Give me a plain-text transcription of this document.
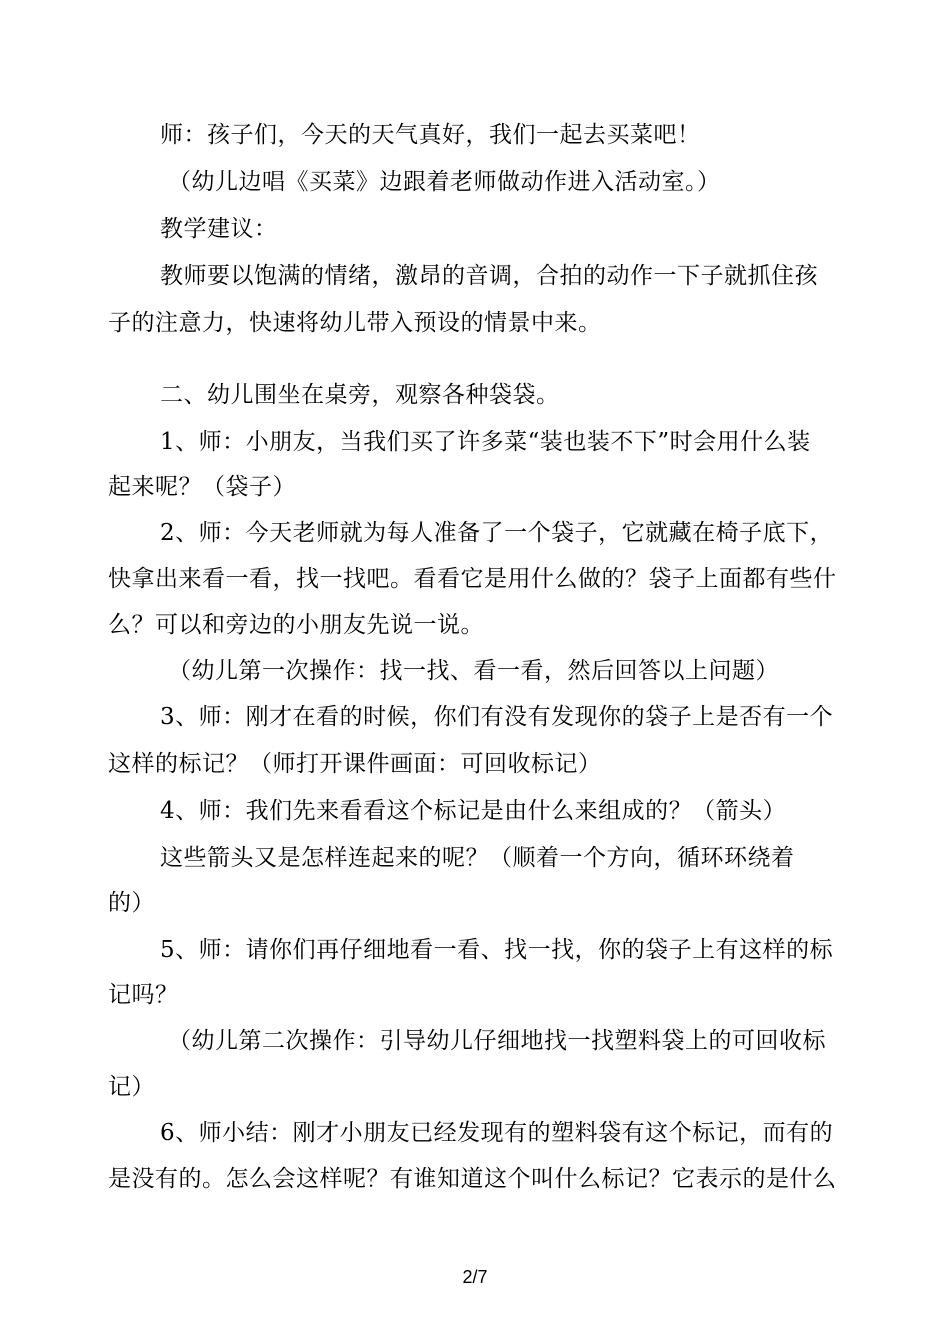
师：孩子们，今天的天气真好，我们一起去买菜吧！
（幼儿边唱《买菜》边跟着老师做动作进入活动室。）
教学建议：
教师要以饱满的情绪，激昂的音调，合拍的动作一下子就抓住孩
子的注意力，快速将幼儿带入预设的情景中来。
二、幼儿围坐在桌旁，观察各种袋袋。
1、师：小朋友，当我们买了许多菜“装也装不下”时会用什么装
起来呢？（袋子）
2、师：今天老师就为每人准备了一个袋子，它就藏在椅子底下，
快拿出来看一看，找一找吧。看看它是用什么做的？袋子上面都有些什
么？可以和旁边的小朋友先说一说。
（幼儿第一次操作：找一找、看一看，然后回答以上问题）
3、师：刚才在看的时候，你们有没有发现你的袋子上是否有一个
这样的标记？（师打开课件画面：可回收标记）
4、师：我们先来看看这个标记是由什么来组成的？（箭头）
这些箭头又是怎样连起来的呢？（顺着一个方向，循环环绕着
的）
5、师：请你们再仔细地看一看、找一找，你的袋子上有这样的标
记吗？
（幼儿第二次操作：引导幼儿仔细地找一找塑料袋上的可回收标
记）
6、师小结：刚才小朋友已经发现有的塑料袋有这个标记，而有的
是没有的。怎么会这样呢？有谁知道这个叫什么标记？它表示的是什么
2/7
